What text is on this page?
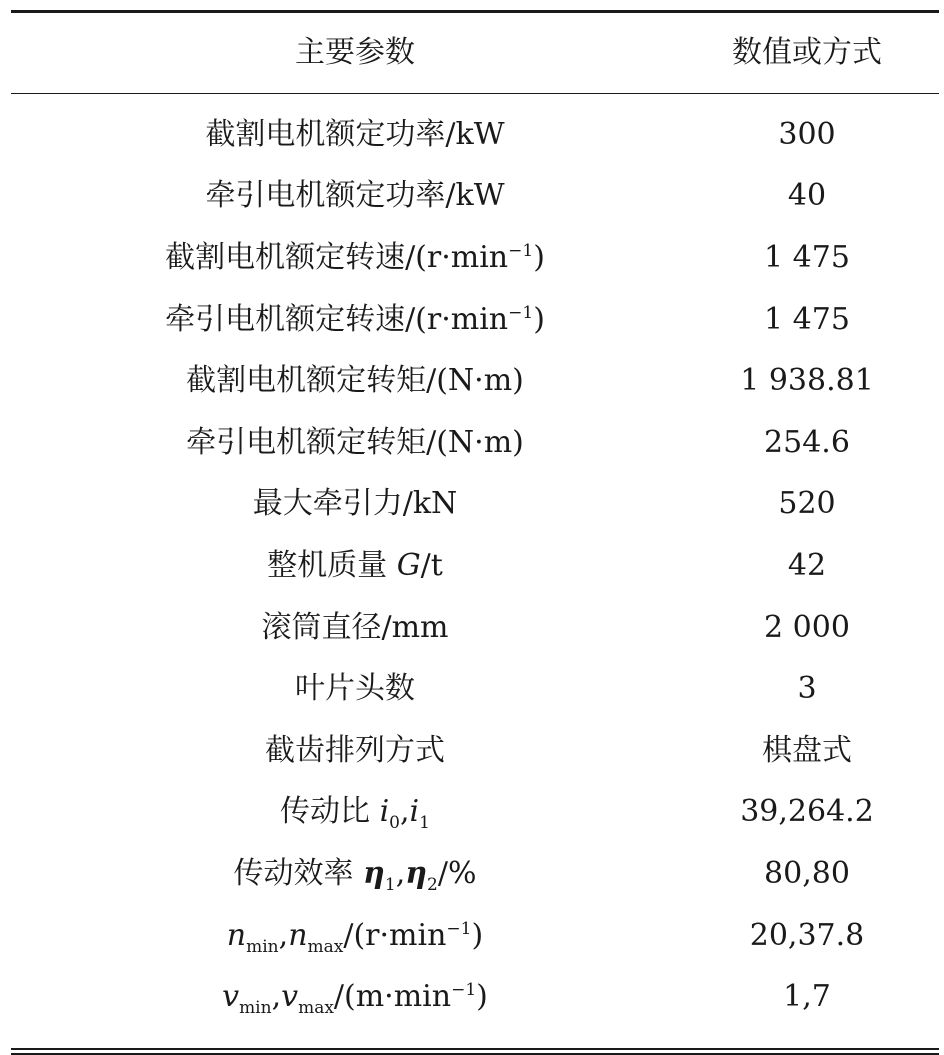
主要参数	数值或方式
截割电机额定功率/kW	300
牵引电机额定功率/kW	40
截割电机额定转速$/(r\cdot\min^{-1})$	1 475
牵引电机额定转速$/(r\cdot\min^{-1})$	1 475
截割电机额定转矩/(N·m)	1 938.81
牵引电机额定转矩/(N·m)	254.6
最大牵引力/kN	520
整机质量 G/t	42
滚筒直径/mm	2 000
叶片头数	3
截齿排列方式	棋盘式
传动比 $i_0,i_1$	39,264.2
传动效率 $\eta_1,\eta_2/\%$	80,80
$n_{min},n_{max}/(r\cdot\min^{-1})$	20,37.8
$v_{min},v_{max}/(m\cdot\min^{-1})$	1,7
